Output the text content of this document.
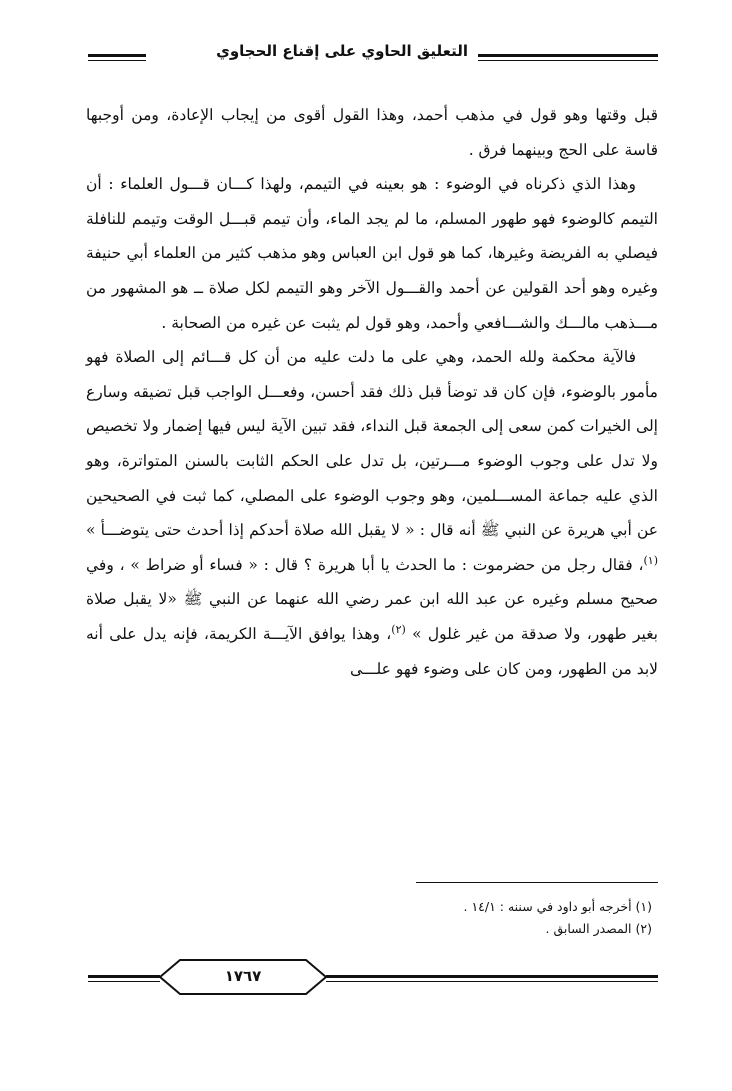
التعليق الحاوي على إقناع الحجاوي

قبل وقتها وهو قول في مذهب أحمد، وهذا القول أقوى من إيجاب الإعادة، ومن أوجبها قاسة على الحج وبينهما فرق .

وهذا الذي ذكرناه في الوضوء : هو بعينه في التيمم، ولهذا كـــان قـــول العلماء : أن التيمم كالوضوء فهو طهور المسلم، ما لم يجد الماء، وأن تيمم قبـــل الوقت وتيمم للنافلة فيصلي به الفريضة وغيرها، كما هو قول ابن العباس وهو مذهب كثير من العلماء أبي حنيفة وغيره وهو أحد القولين عن أحمد والقـــول الآخر وهو التيمم لكل صلاة ــ هو المشهور من مـــذهب مالـــك والشـــافعي وأحمد، وهو قول لم يثبت عن غيره من الصحابة .

فالآية محكمة ولله الحمد، وهي على ما دلت عليه من أن كل قـــائم إلى الصلاة فهو مأمور بالوضوء، فإن كان قد توضأ قبل ذلك فقد أحسن، وفعـــل الواجب قبل تضيقه وسارع إلى الخيرات كمن سعى إلى الجمعة قبل النداء، فقد تبين الآية ليس فيها إضمار ولا تخصيص ولا تدل على وجوب الوضوء مـــرتين، بل تدل على الحكم الثابت بالسنن المتواترة، وهو الذي عليه جماعة المســـلمين، وهو وجوب الوضوء على المصلي، كما ثبت في الصحيحين عن أبي هريرة عن النبي ﷺ أنه قال : « لا يقبل الله صلاة أحدكم إذا أحدث حتى يتوضـــأ » $^{(١)}$، فقال رجل من حضرموت : ما الحدث يا أبا هريرة ؟ قال : « فساء أو ضراط » ، وفي صحيح مسلم وغيره عن عبد الله ابن عمر رضي الله عنهما عن النبي ﷺ «لا يقبل صلاة بغير طهور، ولا صدقة من غير غلول » $^{(٢)}$، وهذا يوافق الآيـــة الكريمة، فإنه يدل على أنه لابد من الطهور، ومن كان على وضوء فهو علـــى

(١) أخرجه أبو داود في سننه : ١٤/١ .

(٢) المصدر السابق .

١٧٦٧
